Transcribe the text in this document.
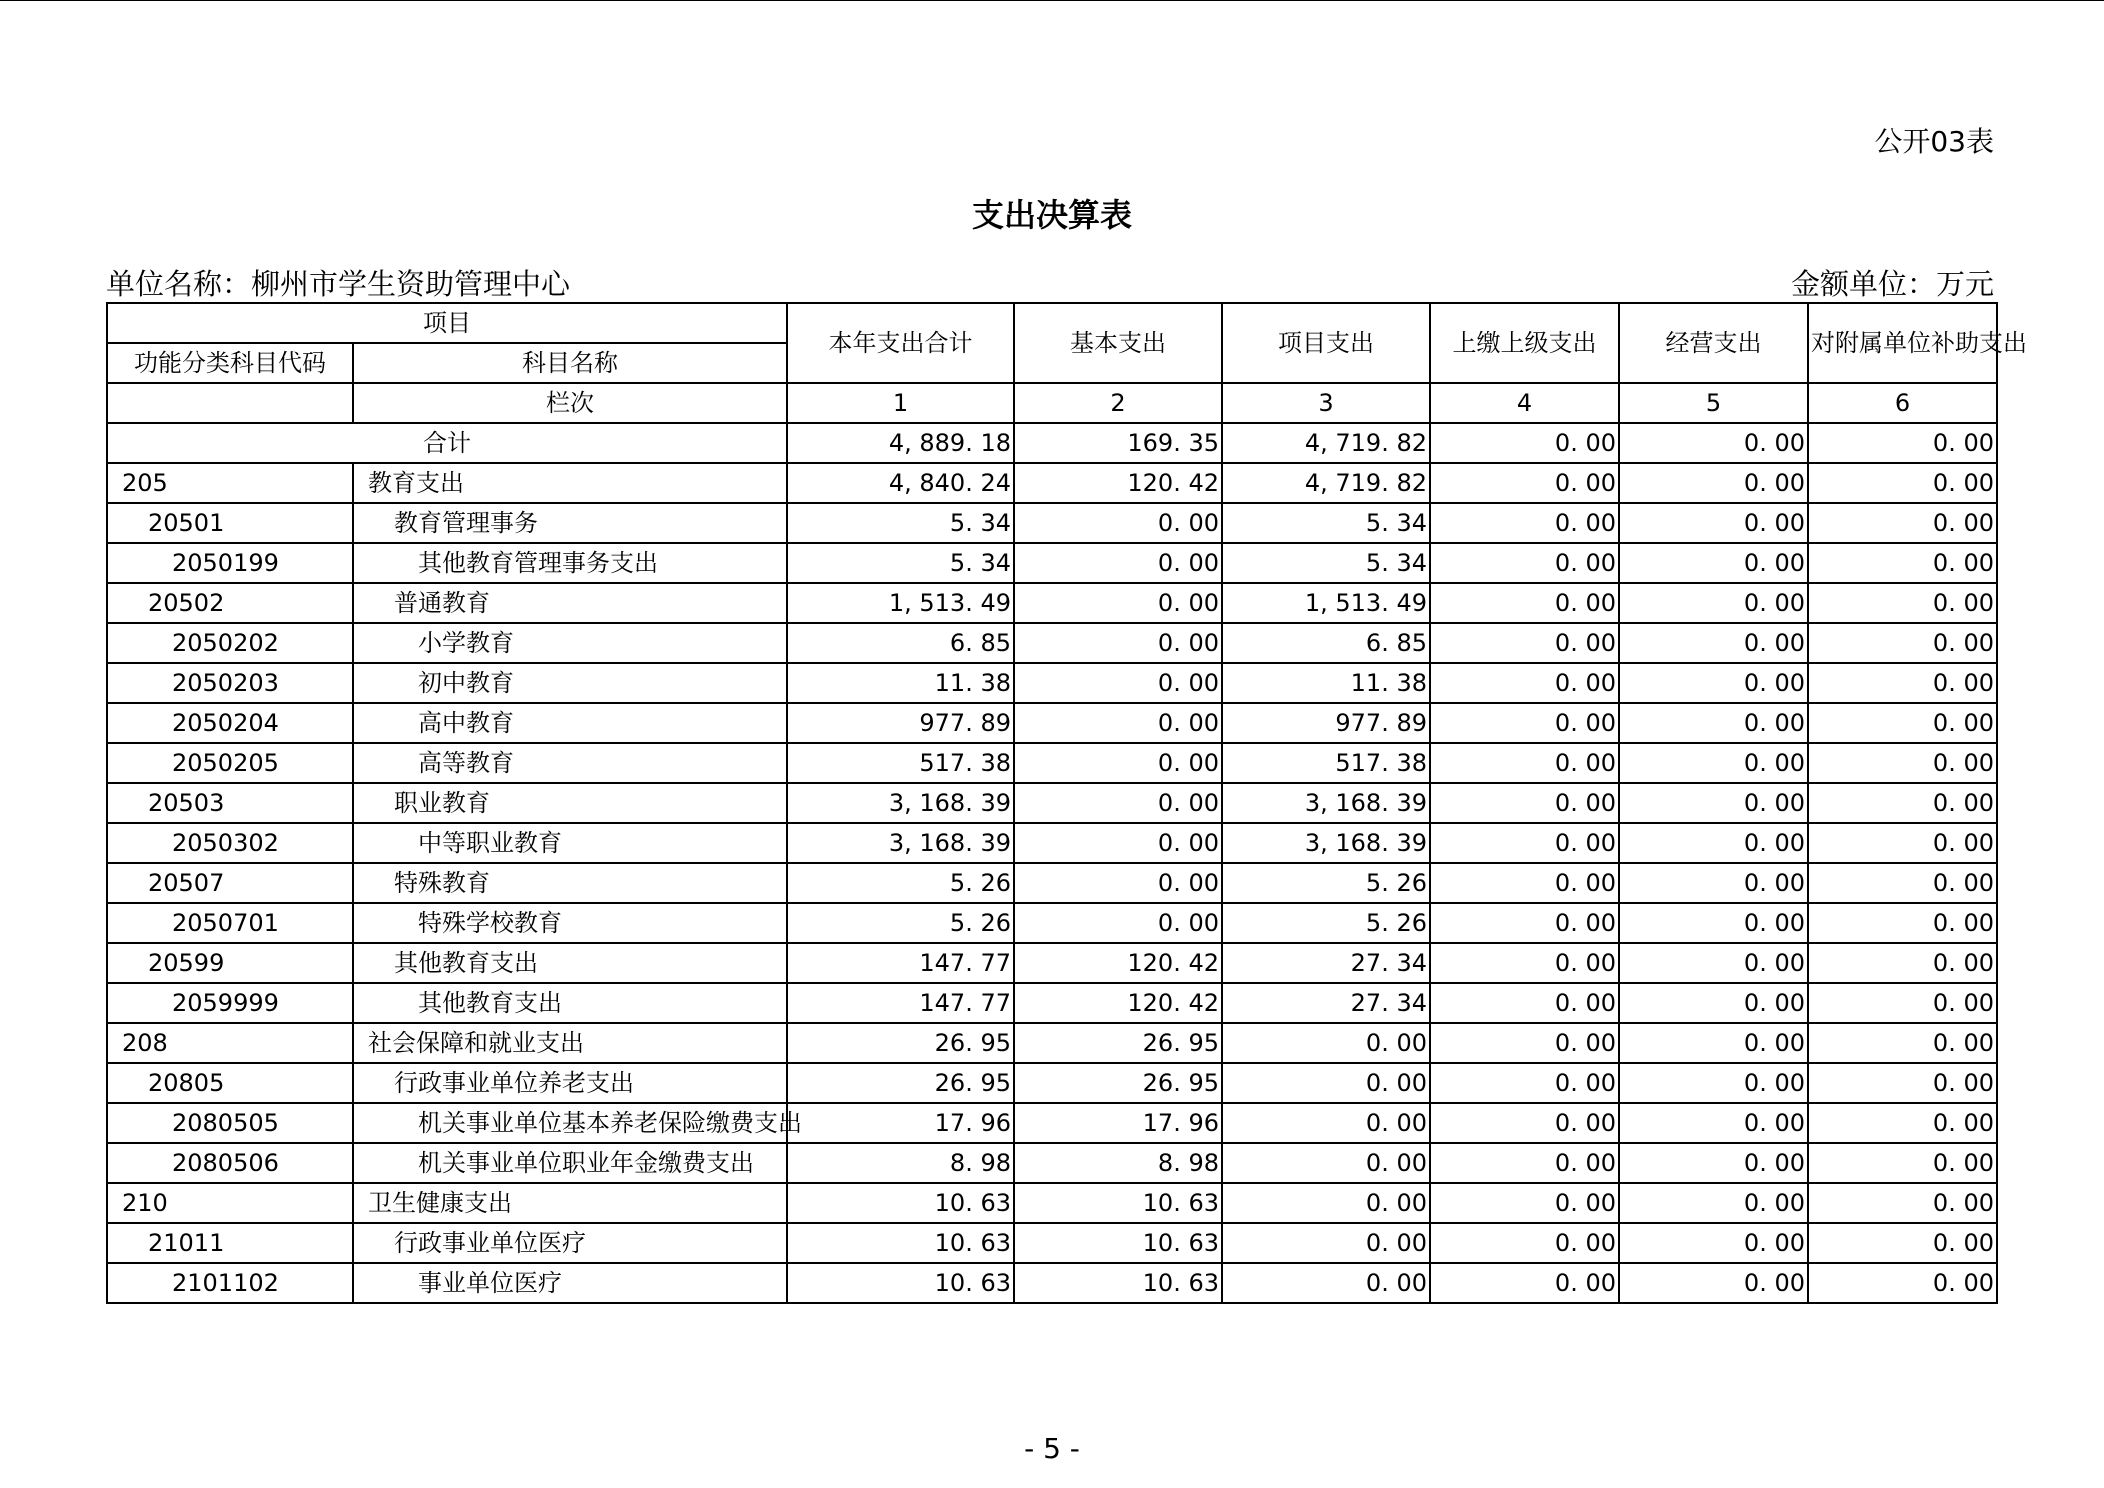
公开03表
支出决算表
单位名称：柳州市学生资助管理中心	金额单位：万元
项目		本年支出合计	基本支出	项目支出	上缴上级支出	经营支出	对附属单位补助支出
功能分类科目代码	科目名称						
	栏次	1	2	3	4	5	6
合计		4, 889. 18	169. 35	4, 719. 82	0. 00	0. 00	0. 00
205	教育支出	4, 840. 24	120. 42	4, 719. 82	0. 00	0. 00	0. 00
20501	教育管理事务	5. 34	0. 00	5. 34	0. 00	0. 00	0. 00
2050199	其他教育管理事务支出	5. 34	0. 00	5. 34	0. 00	0. 00	0. 00
20502	普通教育	1, 513. 49	0. 00	1, 513. 49	0. 00	0. 00	0. 00
2050202	小学教育	6. 85	0. 00	6. 85	0. 00	0. 00	0. 00
2050203	初中教育	11. 38	0. 00	11. 38	0. 00	0. 00	0. 00
2050204	高中教育	977. 89	0. 00	977. 89	0. 00	0. 00	0. 00
2050205	高等教育	517. 38	0. 00	517. 38	0. 00	0. 00	0. 00
20503	职业教育	3, 168. 39	0. 00	3, 168. 39	0. 00	0. 00	0. 00
2050302	中等职业教育	3, 168. 39	0. 00	3, 168. 39	0. 00	0. 00	0. 00
20507	特殊教育	5. 26	0. 00	5. 26	0. 00	0. 00	0. 00
2050701	特殊学校教育	5. 26	0. 00	5. 26	0. 00	0. 00	0. 00
20599	其他教育支出	147. 77	120. 42	27. 34	0. 00	0. 00	0. 00
2059999	其他教育支出	147. 77	120. 42	27. 34	0. 00	0. 00	0. 00
208	社会保障和就业支出	26. 95	26. 95	0. 00	0. 00	0. 00	0. 00
20805	行政事业单位养老支出	26. 95	26. 95	0. 00	0. 00	0. 00	0. 00
2080505	机关事业单位基本养老保险缴费支出	17. 96	17. 96	0. 00	0. 00	0. 00	0. 00
2080506	机关事业单位职业年金缴费支出	8. 98	8. 98	0. 00	0. 00	0. 00	0. 00
210	卫生健康支出	10. 63	10. 63	0. 00	0. 00	0. 00	0. 00
21011	行政事业单位医疗	10. 63	10. 63	0. 00	0. 00	0. 00	0. 00
2101102	事业单位医疗	10. 63	10. 63	0. 00	0. 00	0. 00	0. 00
- 5 -
